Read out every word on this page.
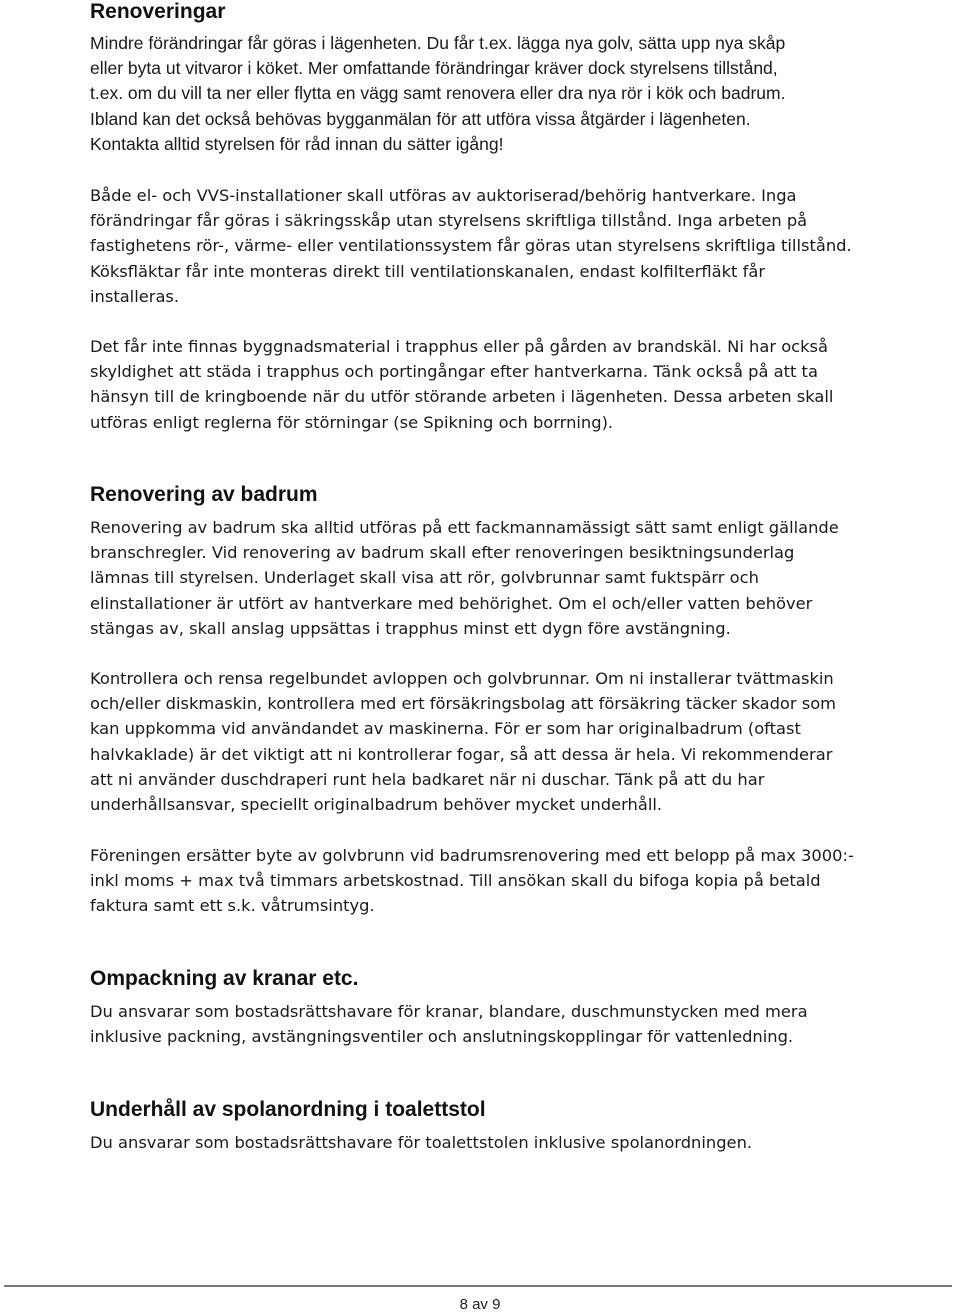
Renoveringar

Mindre förändringar får göras i lägenheten. Du får t.ex. lägga nya golv, sätta upp nya skåp
eller byta ut vitvaror i köket. Mer omfattande förändringar kräver dock styrelsens tillstånd,
t.ex. om du vill ta ner eller flytta en vägg samt renovera eller dra nya rör i kök och badrum.
Ibland kan det också behövas bygganmälan för att utföra vissa åtgärder i lägenheten.
Kontakta alltid styrelsen för råd innan du sätter igång!

Både el- och VVS-installationer skall utföras av auktoriserad/behörig hantverkare. Inga
förändringar får göras i säkringsskåp utan styrelsens skriftliga tillstånd. Inga arbeten på
fastighetens rör-, värme- eller ventilationssystem får göras utan styrelsens skriftliga tillstånd.
Köksfläktar får inte monteras direkt till ventilationskanalen, endast kolfilterfläkt får
installeras.

Det får inte finnas byggnadsmaterial i trapphus eller på gården av brandskäl. Ni har också
skyldighet att städa i trapphus och portingångar efter hantverkarna. Tänk också på att ta
hänsyn till de kringboende när du utför störande arbeten i lägenheten. Dessa arbeten skall
utföras enligt reglerna för störningar (se Spikning och borrning).

Renovering av badrum

Renovering av badrum ska alltid utföras på ett fackmannamässigt sätt samt enligt gällande
branschregler. Vid renovering av badrum skall efter renoveringen besiktningsunderlag
lämnas till styrelsen. Underlaget skall visa att rör, golvbrunnar samt fuktspärr och
elinstallationer är utfört av hantverkare med behörighet. Om el och/eller vatten behöver
stängas av, skall anslag uppsättas i trapphus minst ett dygn före avstängning.

Kontrollera och rensa regelbundet avloppen och golvbrunnar. Om ni installerar tvättmaskin
och/eller diskmaskin, kontrollera med ert försäkringsbolag att försäkring täcker skador som
kan uppkomma vid användandet av maskinerna. För er som har originalbadrum (oftast
halvkaklade) är det viktigt att ni kontrollerar fogar, så att dessa är hela. Vi rekommenderar
att ni använder duschdraperi runt hela badkaret när ni duschar. Tänk på att du har
underhållsansvar, speciellt originalbadrum behöver mycket underhåll.

Föreningen ersätter byte av golvbrunn vid badrumsrenovering med ett belopp på max 3000:-
inkl moms + max två timmars arbetskostnad. Till ansökan skall du bifoga kopia på betald
faktura samt ett s.k. våtrumsintyg.

Ompackning av kranar etc.

Du ansvarar som bostadsrättshavare för kranar, blandare, duschmunstycken med mera
inklusive packning, avstängningsventiler och anslutningskopplingar för vattenledning.

Underhåll av spolanordning i toalettstol

Du ansvarar som bostadsrättshavare för toalettstolen inklusive spolanordningen.

8 av 9
